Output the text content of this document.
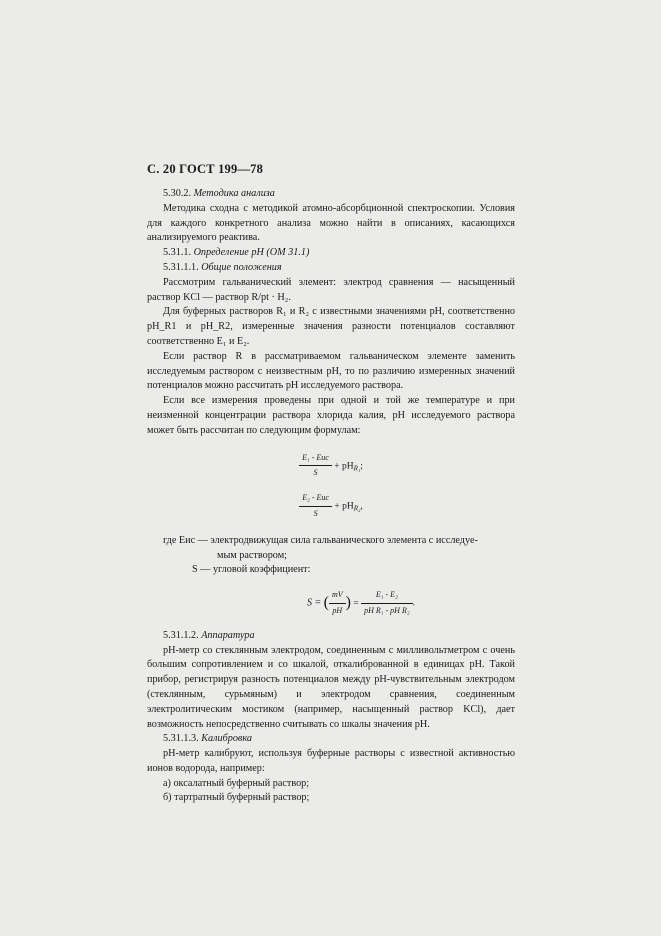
С. 20 ГОСТ 199—78

5.30.2. Методика анализа

Методика сходна с методикой атомно-абсорбционной спектроскопии. Условия для каждого конкретного анализа можно найти в описаниях, касающихся анализируемого реактива.

5.31.1. Определение pH (ОМ 31.1)

5.31.1.1. Общие положения

Рассмотрим гальванический элемент: электрод сравнения — насыщенный раствор KCl — раствор R/pt · H₂.

Для буферных растворов R₁ и R₂ с известными значениями pH, соответственно pH_R1 и pH_R2, измеренные значения разности потенциалов составляют соответственно E₁ и E₂.

Если раствор R в рассматриваемом гальваническом элементе заменить исследуемым раствором с неизвестным pH, то по различию измеренных значений потенциалов можно рассчитать pH исследуемого раствора.

Если все измерения проведены при одной и той же температуре и при неизменной концентрации раствора хлорида калия, pH исследуемого раствора может быть рассчитан по следующим формулам:

$\frac{\text{E₁ - Eис}}{S} + pH_{R_1}$;

$\frac{\text{E₂ - Eис}}{S} + pH_{R_2}$,

где Eис — электродвижущая сила гальванического элемента с исследуе-

мым раствором;

S — угловой коэффициент:

S = ( $\frac{mV}{pH}$ ) = $\frac{\text{E₁ - E₂}}{\text{pH R₁ - pH R₂}}$ .

5.31.1.2. Аппаратура

pH-метр со стеклянным электродом, соединенным с милливольтметром с очень большим сопротивлением и со шкалой, откалиброванной в единицах pH. Такой прибор, регистрируя разность потенциалов между pH-чувствительным электродом (стеклянным, сурьмяным) и электродом сравнения, соединенным электролитическим мостиком (например, насыщенный раствор KCl), дает возможность непосредственно считывать со шкалы значения pH.

5.31.1.3. Калибровка

pH-метр калибруют, используя буферные растворы с известной активностью ионов водорода, например:

а) оксалатный буферный раствор;

б) тартратный буферный раствор;
